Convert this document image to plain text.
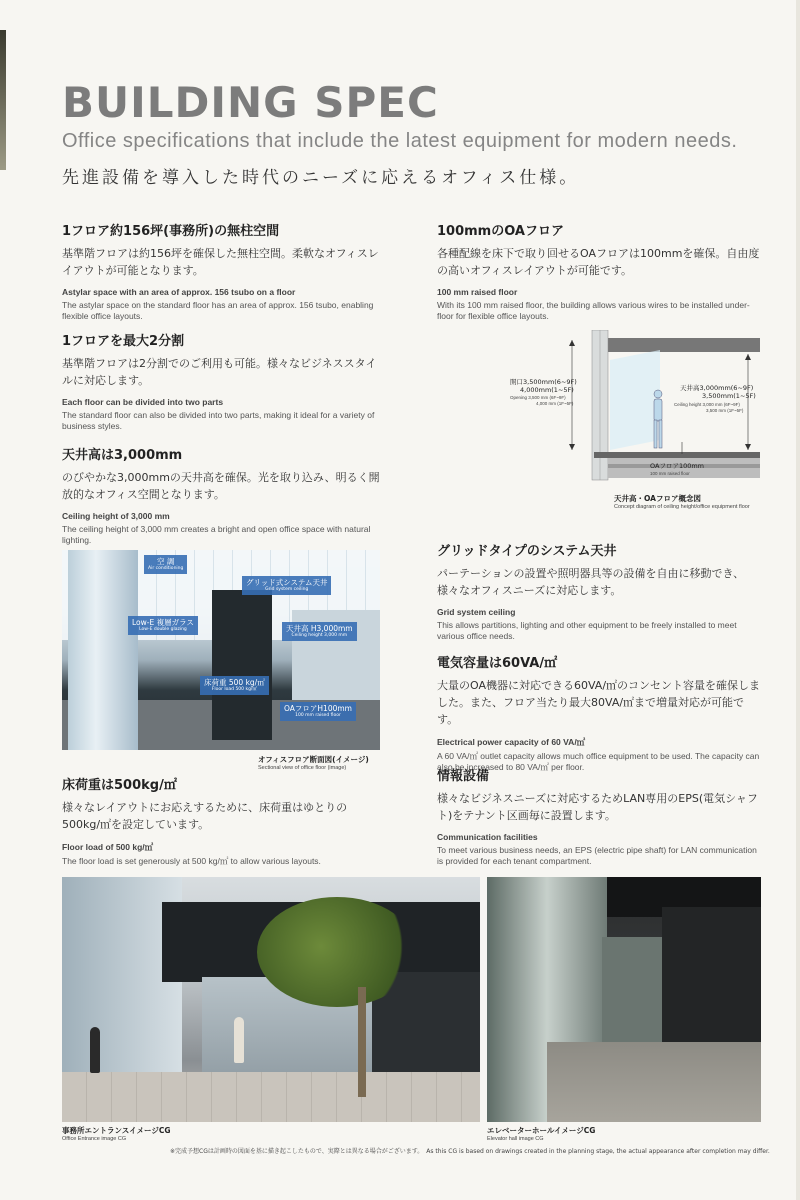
BUILDING SPEC
Office specifications that include the latest equipment for modern needs.
先進設備を導入した時代のニーズに応えるオフィス仕様。
1フロア約156坪(事務所)の無柱空間

基準階フロアは約156坪を確保した無柱空間。柔軟なオフィスレイアウトが可能となります。

Astylar space with an area of approx. 156 tsubo on a floor

The astylar space on the standard floor has an area of approx. 156 tsubo, enabling flexible office layouts.

1フロアを最大2分割

基準階フロアは2分割でのご利用も可能。様々なビジネススタイルに対応します。

Each floor can be divided into two parts

The standard floor can also be divided into two parts, making it ideal for a variety of business styles.

天井高は3,000mm

のびやかな3,000mmの天井高を確保。光を取り込み、明るく開放的なオフィス空間となります。

Ceiling height of 3,000 mm

The ceiling height of 3,000 mm creates a bright and open office space with natural lighting.

空 調
Air conditioning
グリッド式システム天井
Grid system ceiling
Low-E 複層ガラス
Low-E double glazing	天井高 H3,000mm
Ceiling height 3,000 mm
床荷重 500 kg/㎡
Floor load 500 kg/㎡
OAフロアH100mm
100 mm raised floor
オフィスフロア断面図(イメージ)
Sectional view of office floor (image)
床荷重は500kg/㎡

様々なレイアウトにお応えするために、床荷重はゆとりの500kg/㎡を設定しています。

Floor load of 500 kg/㎡

The floor load is set generously at 500 kg/㎡ to allow various layouts.

100mmのOAフロア

各種配線を床下で取り回せるOAフロアは100mmを確保。自由度の高いオフィスレイアウトが可能です。

100 mm raised floor

With its 100 mm raised floor, the building allows various wires to be installed under-floor for flexible office layouts.

開口3,500mm(6~9F)
4,000mm(1~5F)
Opening 3,500 mm (6F~9F)
4,000 mm (1F~5F)
天井高3,000mm(6~9F)
3,500mm(1~5F)
Ceiling height 3,000 mm (6F~9F)
3,500 mm (1F~5F)
OAフロア100mm
100 mm raised floor
天井高・OAフロア概念図
Concept diagram of ceiling height/office equipment floor
グリッドタイプのシステム天井

パーテーションの設置や照明器具等の設備を自由に移動でき、様々なオフィスニーズに対応します。

Grid system ceiling

This allows partitions, lighting and other equipment to be freely installed to meet various office needs.

電気容量は60VA/㎡

大量のOA機器に対応できる60VA/㎡のコンセント容量を確保しました。また、フロア当たり最大80VA/㎡まで増量対応が可能です。

Electrical power capacity of 60 VA/㎡

A 60 VA/㎡ outlet capacity allows much office equipment to be used. The capacity can also be increased to 80 VA/㎡ per floor.

情報設備

様々なビジネスニーズに対応するためLAN専用のEPS(電気シャフト)をテナント区画毎に設置します。

Communication facilities

To meet various business needs, an EPS (electric pipe shaft) for LAN communication is provided for each tenant compartment.

事務所エントランスイメージCG
Office Entrance image CG
エレベーターホールイメージCG
Elevator hall image CG
※完成予想CGは計画時の図面を基に描き起こしたもので、実際とは異なる場合がございます。　As this CG is based on drawings created in the planning stage, the actual appearance after completion may differ.
